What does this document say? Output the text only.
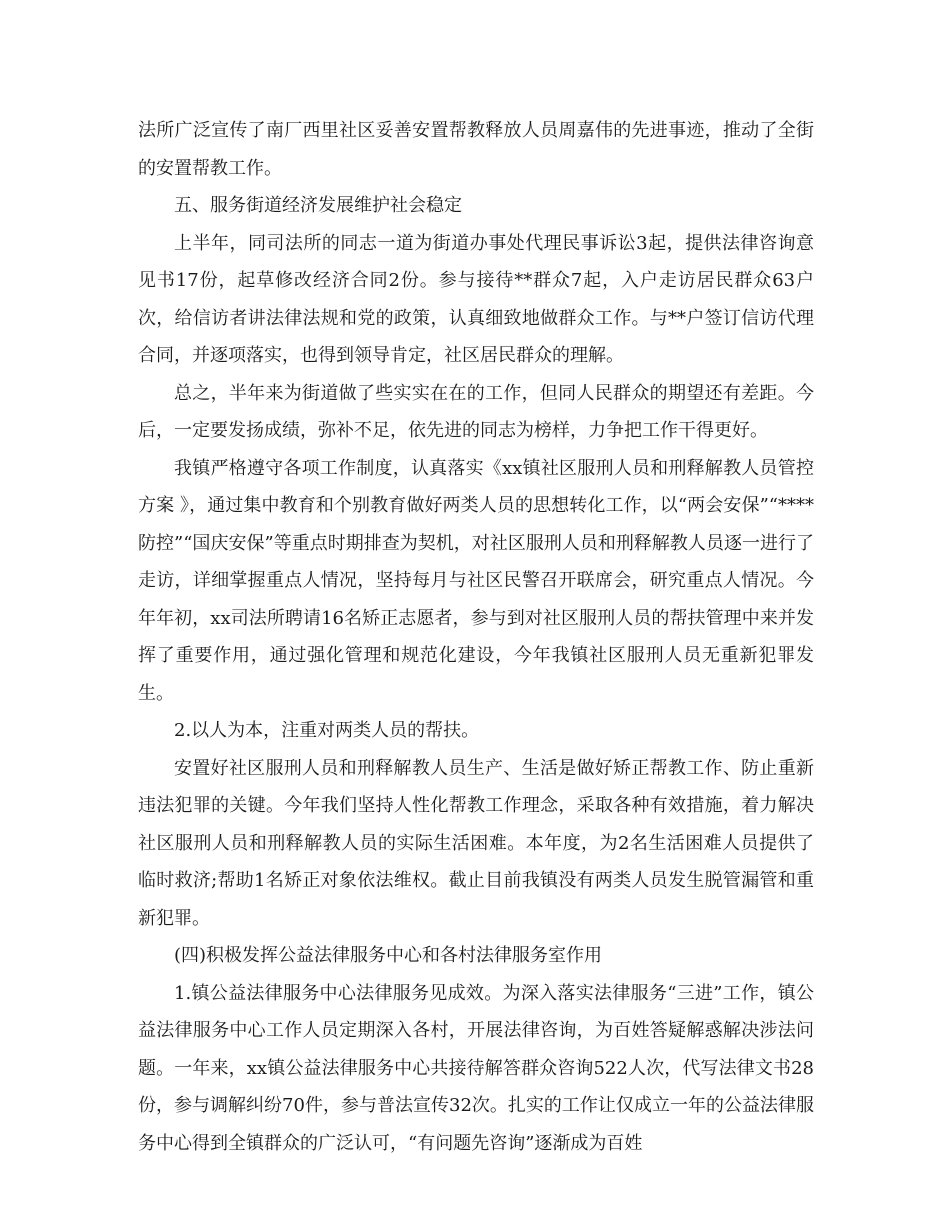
法所广泛宣传了南厂西里社区妥善安置帮教释放人员周嘉伟的先进事迹，推动了全街的安置帮教工作。

五、服务街道经济发展维护社会稳定

上半年，同司法所的同志一道为街道办事处代理民事诉讼3起，提供法律咨询意见书17份，起草修改经济合同2份。参与接待**群众7起，入户走访居民群众63户次，给信访者讲法律法规和党的政策，认真细致地做群众工作。与**户签订信访代理合同，并逐项落实，也得到领导肯定，社区居民群众的理解。

总之，半年来为街道做了些实实在在的工作，但同人民群众的期望还有差距。今后，一定要发扬成绩，弥补不足，依先进的同志为榜样，力争把工作干得更好。

我镇严格遵守各项工作制度，认真落实《xx镇社区服刑人员和刑释解教人员管控方案 》，通过集中教育和个别教育做好两类人员的思想转化工作，以“两会安保”“****防控”“国庆安保”等重点时期排查为契机，对社区服刑人员和刑释解教人员逐一进行了走访，详细掌握重点人情况，坚持每月与社区民警召开联席会，研究重点人情况。今年年初，xx司法所聘请16名矫正志愿者，参与到对社区服刑人员的帮扶管理中来并发挥了重要作用，通过强化管理和规范化建设，今年我镇社区服刑人员无重新犯罪发生。

2.以人为本，注重对两类人员的帮扶。

安置好社区服刑人员和刑释解教人员生产、生活是做好矫正帮教工作、防止重新违法犯罪的关键。今年我们坚持人性化帮教工作理念，采取各种有效措施，着力解决社区服刑人员和刑释解教人员的实际生活困难。本年度，为2名生活困难人员提供了临时救济;帮助1名矫正对象依法维权。截止目前我镇没有两类人员发生脱管漏管和重新犯罪。

(四)积极发挥公益法律服务中心和各村法律服务室作用

1.镇公益法律服务中心法律服务见成效。为深入落实法律服务“三进”工作，镇公益法律服务中心工作人员定期深入各村，开展法律咨询，为百姓答疑解惑解决涉法问题。一年来，xx镇公益法律服务中心共接待解答群众咨询522人次，代写法律文书28份，参与调解纠纷70件，参与普法宣传32次。扎实的工作让仅成立一年的公益法律服务中心得到全镇群众的广泛认可，“有问题先咨询”逐渐成为百姓
